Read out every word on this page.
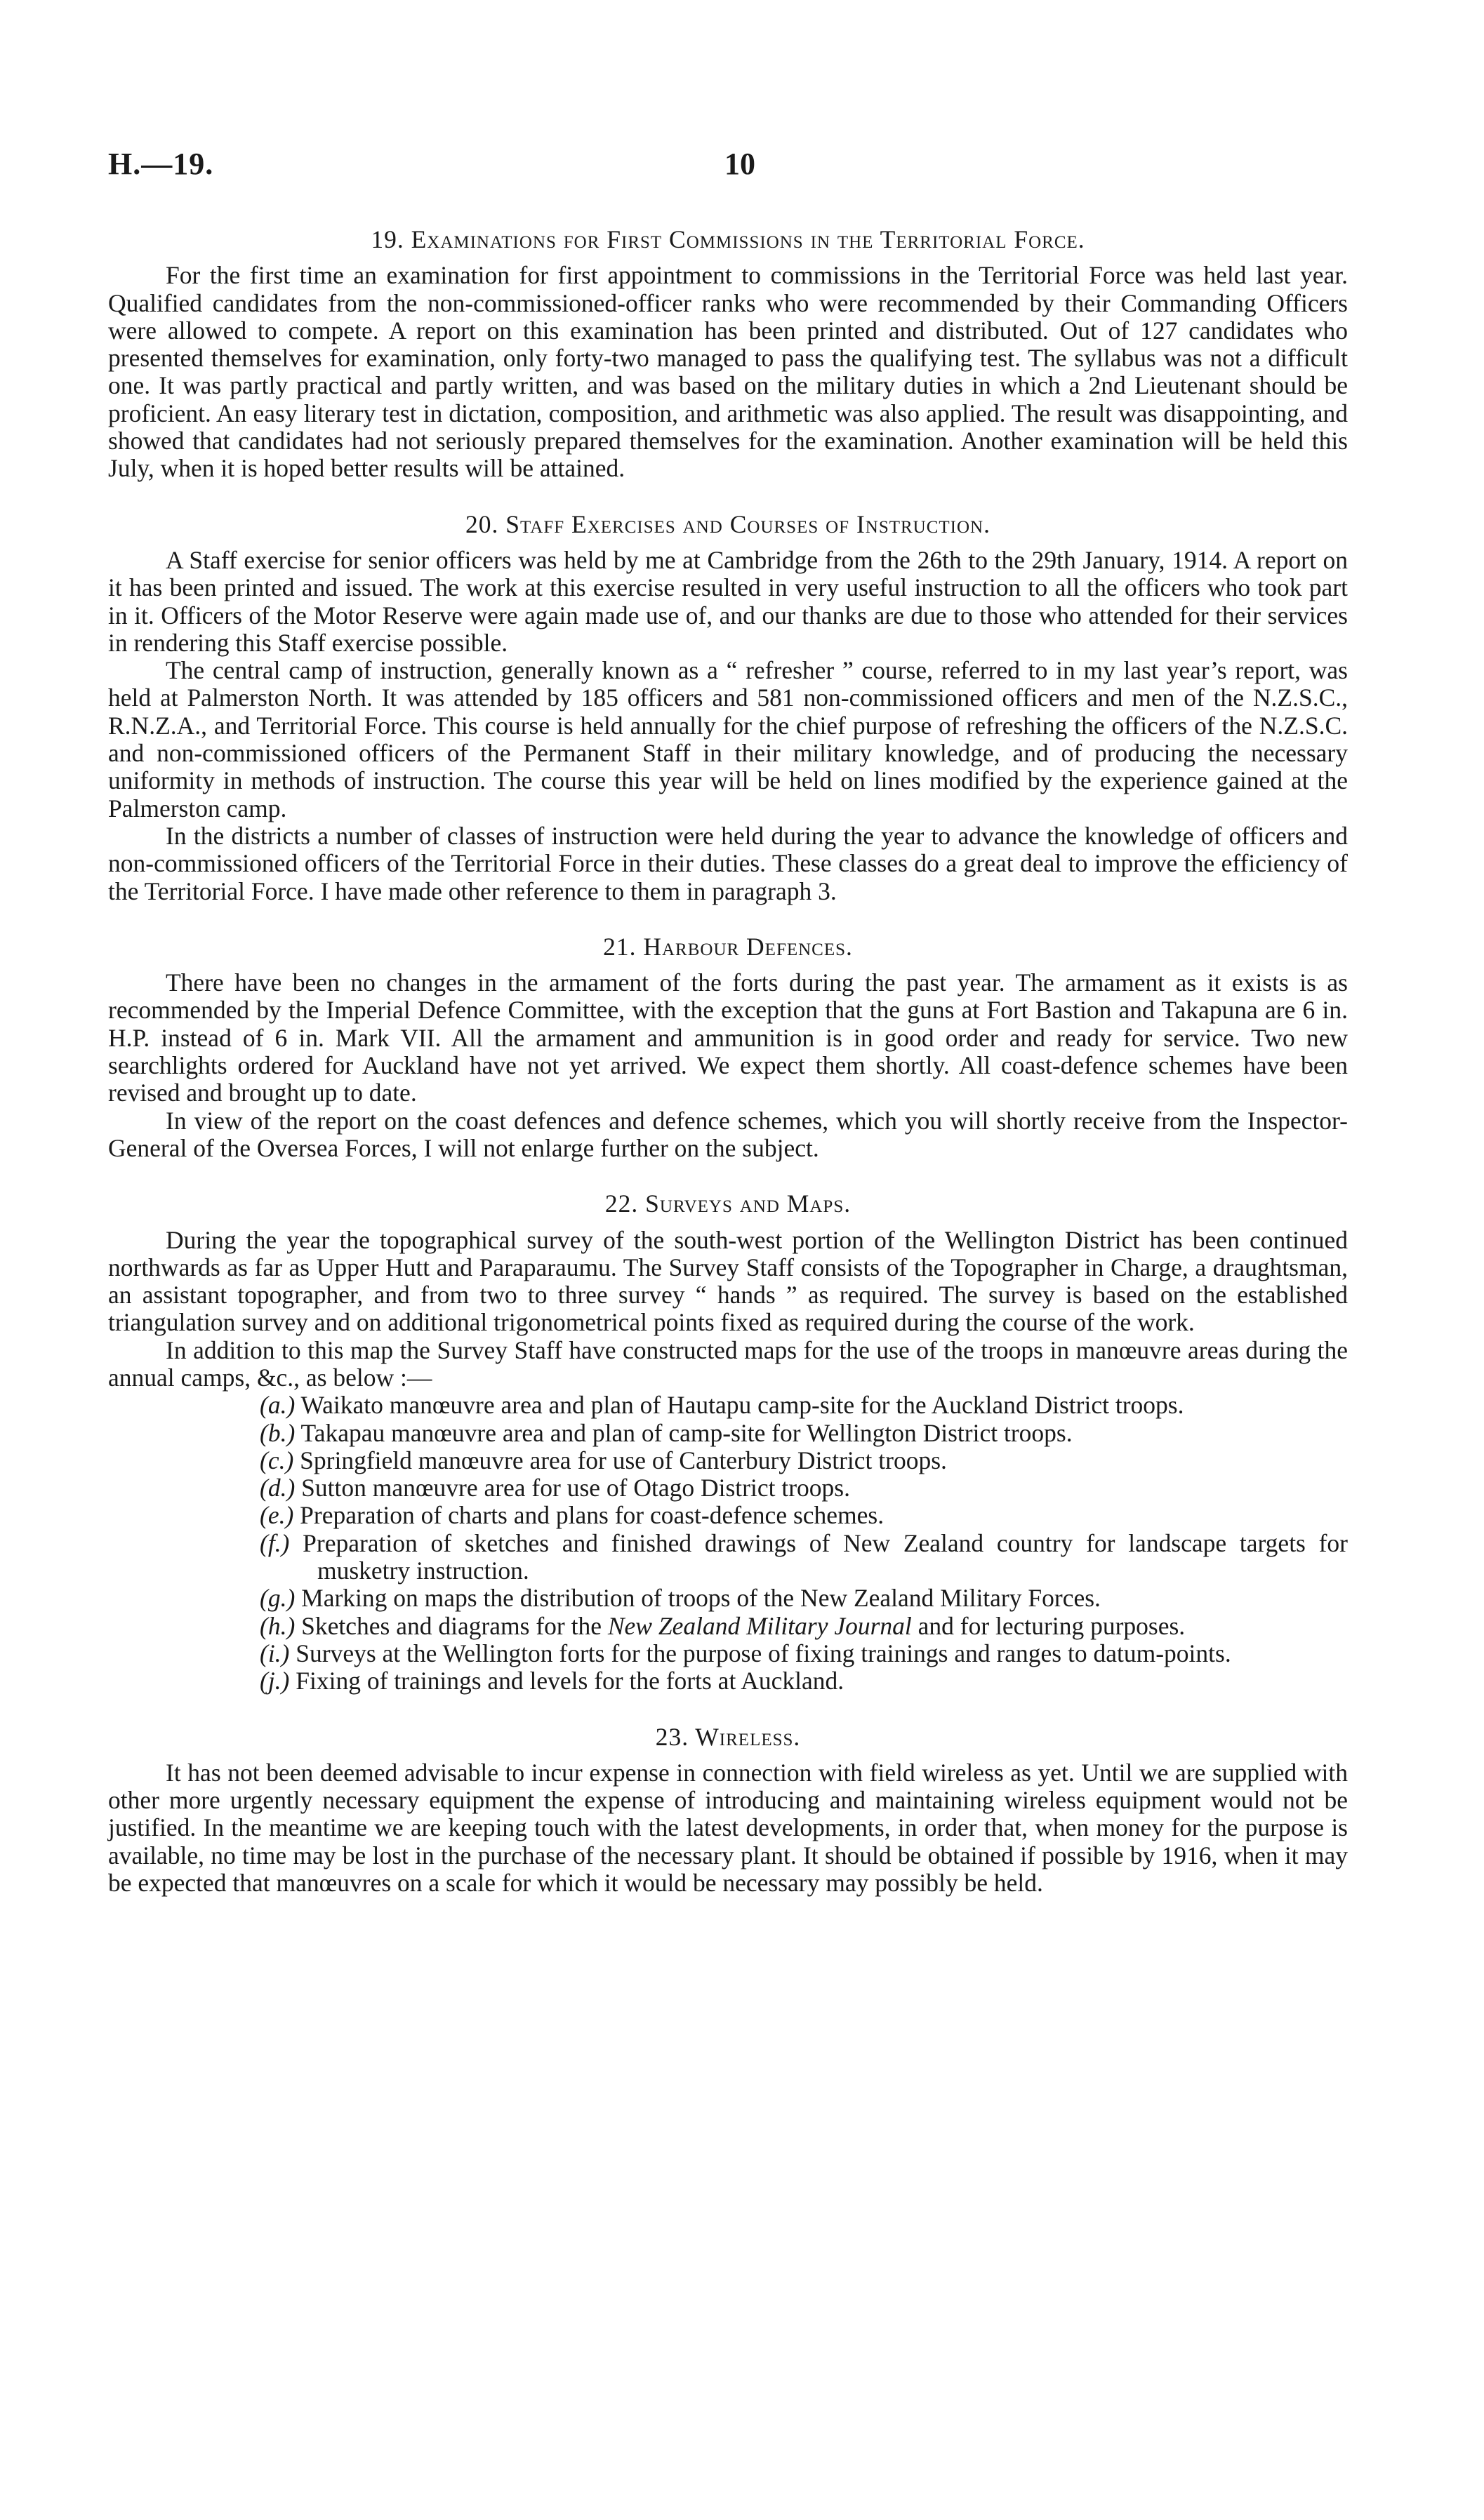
H.—19.	10
19. Examinations for First Commissions in the Territorial Force.

For the first time an examination for first appointment to commissions in the Territorial Force was held last year. Qualified candidates from the non-commissioned-officer ranks who were recommended by their Commanding Officers were allowed to compete. A report on this examination has been printed and distributed. Out of 127 candidates who presented themselves for examination, only forty-two managed to pass the qualifying test. The syllabus was not a difficult one. It was partly practical and partly written, and was based on the military duties in which a 2nd Lieutenant should be proficient. An easy literary test in dictation, composition, and arithmetic was also applied. The result was disappointing, and showed that candidates had not seriously prepared themselves for the examination. Another examination will be held this July, when it is hoped better results will be attained.

20. Staff Exercises and Courses of Instruction.

A Staff exercise for senior officers was held by me at Cambridge from the 26th to the 29th January, 1914. A report on it has been printed and issued. The work at this exercise resulted in very useful instruction to all the officers who took part in it. Officers of the Motor Reserve were again made use of, and our thanks are due to those who attended for their services in rendering this Staff exercise possible.

The central camp of instruction, generally known as a “ refresher ” course, referred to in my last year’s report, was held at Palmerston North. It was attended by 185 officers and 581 non-commissioned officers and men of the N.Z.S.C., R.N.Z.A., and Territorial Force. This course is held annually for the chief purpose of refreshing the officers of the N.Z.S.C. and non-commissioned officers of the Permanent Staff in their military knowledge, and of producing the necessary uniformity in methods of instruction. The course this year will be held on lines modified by the experience gained at the Palmerston camp.

In the districts a number of classes of instruction were held during the year to advance the knowledge of officers and non-commissioned officers of the Territorial Force in their duties. These classes do a great deal to improve the efficiency of the Territorial Force. I have made other reference to them in paragraph 3.

21. Harbour Defences.

There have been no changes in the armament of the forts during the past year. The armament as it exists is as recommended by the Imperial Defence Committee, with the exception that the guns at Fort Bastion and Takapuna are 6 in. H.P. instead of 6 in. Mark VII. All the armament and ammunition is in good order and ready for service. Two new searchlights ordered for Auckland have not yet arrived. We expect them shortly. All coast-defence schemes have been revised and brought up to date.

In view of the report on the coast defences and defence schemes, which you will shortly receive from the Inspector-General of the Oversea Forces, I will not enlarge further on the subject.

22. Surveys and Maps.

During the year the topographical survey of the south-west portion of the Wellington District has been continued northwards as far as Upper Hutt and Paraparaumu. The Survey Staff consists of the Topographer in Charge, a draughtsman, an assistant topographer, and from two to three survey “ hands ” as required. The survey is based on the established triangulation survey and on additional trigonometrical points fixed as required during the course of the work.

In addition to this map the Survey Staff have constructed maps for the use of the troops in manœuvre areas during the annual camps, &c., as below :—

(a.) Waikato manœuvre area and plan of Hautapu camp-site for the Auckland District troops.
(b.) Takapau manœuvre area and plan of camp-site for Wellington District troops.
(c.) Springfield manœuvre area for use of Canterbury District troops.
(d.) Sutton manœuvre area for use of Otago District troops.
(e.) Preparation of charts and plans for coast-defence schemes.
(f.) Preparation of sketches and finished drawings of New Zealand country for landscape targets for musketry instruction.
(g.) Marking on maps the distribution of troops of the New Zealand Military Forces.
(h.) Sketches and diagrams for the New Zealand Military Journal and for lecturing purposes.
(i.) Surveys at the Wellington forts for the purpose of fixing trainings and ranges to datum-points.
(j.) Fixing of trainings and levels for the forts at Auckland.
23. Wireless.

It has not been deemed advisable to incur expense in connection with field wireless as yet. Until we are supplied with other more urgently necessary equipment the expense of introducing and maintaining wireless equipment would not be justified. In the meantime we are keeping touch with the latest developments, in order that, when money for the purpose is available, no time may be lost in the purchase of the necessary plant. It should be obtained if possible by 1916, when it may be expected that manœuvres on a scale for which it would be necessary may possibly be held.
